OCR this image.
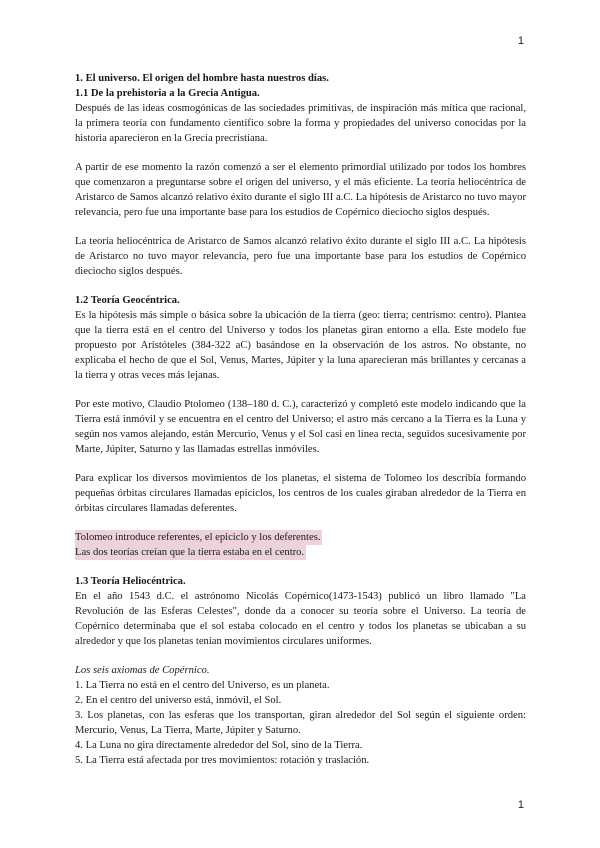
1

1. El universo. El origen del hombre hasta nuestros días.

1.1 De la prehistoria a la Grecia Antigua.

Después de las ideas cosmogónicas de las sociedades primitivas, de inspiración más mítica que racional, la primera teoría con fundamento científico sobre la forma y propiedades del universo conocidas por la historia aparecieron en la Grecia precristiana.

A partir de ese momento la razón comenzó a ser el elemento primordial utilizado por todos los hombres que comenzaron a preguntarse sobre el origen del universo, y el más eficiente. La teoría heliocéntrica de Aristarco de Samos alcanzó relativo éxito durante el siglo III a.C. La hipótesis de Aristarco no tuvo mayor relevancia, pero fue una importante base para los estudios de Copérnico dieciocho siglos después.

La teoría heliocéntrica de Aristarco de Samos alcanzó relativo éxito durante el siglo III a.C. La hipótesis de Aristarco no tuvo mayor relevancia, pero fue una importante base para los estudios de Copérnico dieciocho siglos después.

1.2 Teoría Geocéntrica.

Es la hipótesis más simple o básica sobre la ubicación de la tierra (geo: tierra; centrismo: centro). Plantea que la tierra está en el centro del Universo y todos los planetas giran entorno a ella. Este modelo fue propuesto por Aristóteles (384-322 aC) basándose en la observación de los astros. No obstante, no explicaba el hecho de que el Sol, Venus, Martes, Júpiter y la luna aparecieran más brillantes y cercanas a la tierra y otras veces más lejanas.

Por este motivo, Claudio Ptolomeo (138–180 d. C.), caracterizó y completó este modelo indicando que la Tierra está inmóvil y se encuentra en el centro del Universo; el astro más cercano a la Tierra es la Luna y según nos vamos alejando, están Mercurio, Venus y el Sol casi en línea recta, seguidos sucesivamente por Marte, Júpiter, Saturno y las llamadas estrellas inmóviles.

Para explicar los diversos movimientos de los planetas, el sistema de Tolomeo los describía formando pequeñas órbitas circulares llamadas epiciclos, los centros de los cuales giraban alrededor de la Tierra en órbitas circulares llamadas deferentes.

Tolomeo introduce referentes, el epiciclo y los deferentes.
Las dos teorías creían que la tierra estaba en el centro.

1.3 Teoría Heliocéntrica.

En el año 1543 d.C. el astrónomo Nicolás Copérnico(1473-1543) publicó un libro llamado "La Revolución de las Esferas Celestes", donde da a conocer su teoría sobre el Universo. La teoría de Copérnico determinaba que el sol estaba colocado en el centro y todos los planetas se ubicaban a su alrededor y que los planetas tenían movimientos circulares uniformes.

Los seis axiomas de Copérnico.

1. La Tierra no está en el centro del Universo, es un planeta.

2. En el centro del universo está, inmóvil, el Sol.

3. Los planetas, con las esferas que los transportan, giran alrededor del Sol según el siguiente orden: Mercurio, Venus, La Tierra, Marte, Júpiter y Saturno.

4. La Luna no gira directamente alrededor del Sol, sino de la Tierra.

5. La Tierra está afectada por tres movimientos: rotación y traslación.

1
